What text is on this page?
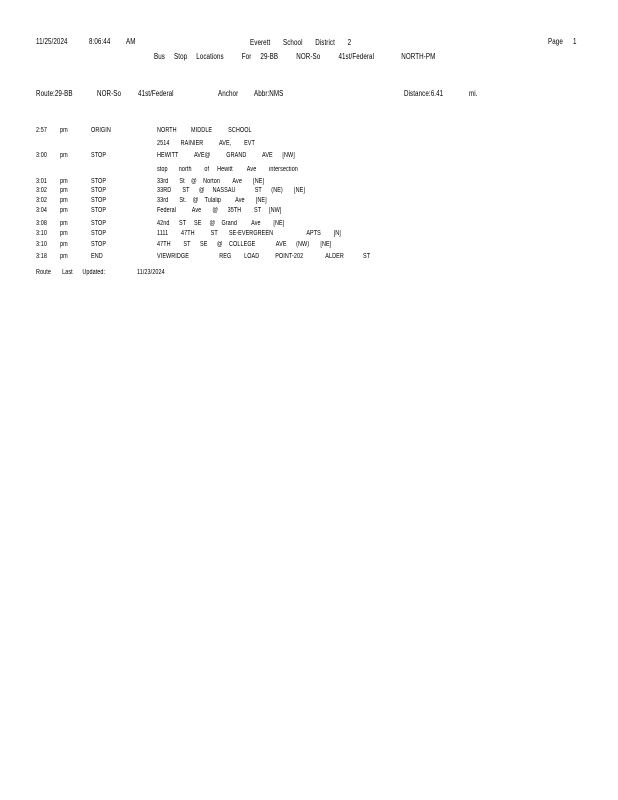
11/25/2024	8:06:44 AM	Everett       School       District       2	Page 1
Bus     Stop     Locations          For     29-BB          NOR-So          41st/Federal               NORTH-PM
Route:29-BB	NOR-So 41st/Federal	Anchor Abbr:NMS	Distance:6.41	mi.
2:57 pm	ORIGIN	NORTH         MIDDLE          SCHOOL
2514       RAINIER          AVE,        EVT
3:00 pm	STOP	HEWITT          AVE@          GRAND          AVE      [NW]
stop       north        of     Hewitt         Ave        intersection
3:01 pm	STOP	33rd       St    @    Norton        Ave       [NE]
3:02 pm	STOP	33RD       ST      @     NASSAU            ST      (NE)       [NE]
3:02 pm	STOP	33rd       St.    @    Tulalip         Ave       [NE]
3:04 pm	STOP	Federal          Ave       @      35TH        ST     [NW]
3:08 pm	STOP	42nd      ST     SE     @    Grand         Ave        [NE]
3:10 pm	STOP	1111        47TH          ST       SE-EVERGREEN                     APTS        [N]
3:10 pm	STOP	47TH        ST      SE      @    COLLEGE             AVE      (NW)       [NE]
3:18 pm	END	VIEWRIDGE                   REG        LOAD          POINT-202              ALDER            ST
Route       Last      Updated:	11/23/2024
